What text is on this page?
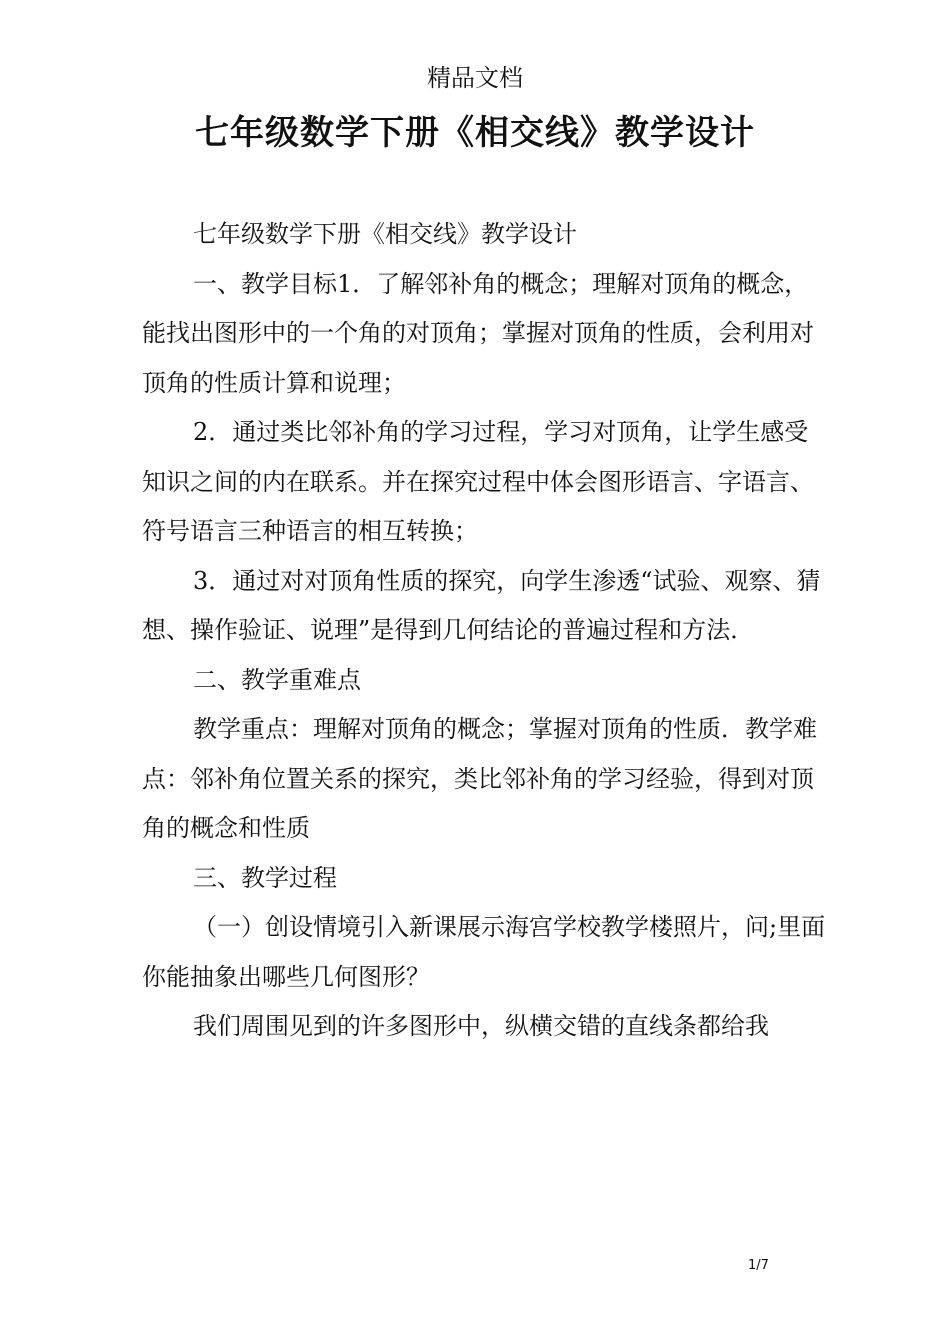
精品文档
七年级数学下册《相交线》教学设计

七年级数学下册《相交线》教学设计

一、教学目标1．了解邻补角的概念；理解对顶角的概念，能找出图形中的一个角的对顶角；掌握对顶角的性质，会利用对顶角的性质计算和说理；

2．通过类比邻补角的学习过程，学习对顶角，让学生感受知识之间的内在联系。并在探究过程中体会图形语言、字语言、符号语言三种语言的相互转换；

3．通过对对顶角性质的探究，向学生渗透“试验、观察、猜想、操作验证、说理”是得到几何结论的普遍过程和方法．

二、教学重难点

教学重点：理解对顶角的概念；掌握对顶角的性质．教学难点：邻补角位置关系的探究，类比邻补角的学习经验，得到对顶角的概念和性质

三、教学过程

（一）创设情境引入新课展示海宫学校教学楼照片，问;里面你能抽象出哪些几何图形？

我们周围见到的许多图形中，纵横交错的直线条都给我

1/7
